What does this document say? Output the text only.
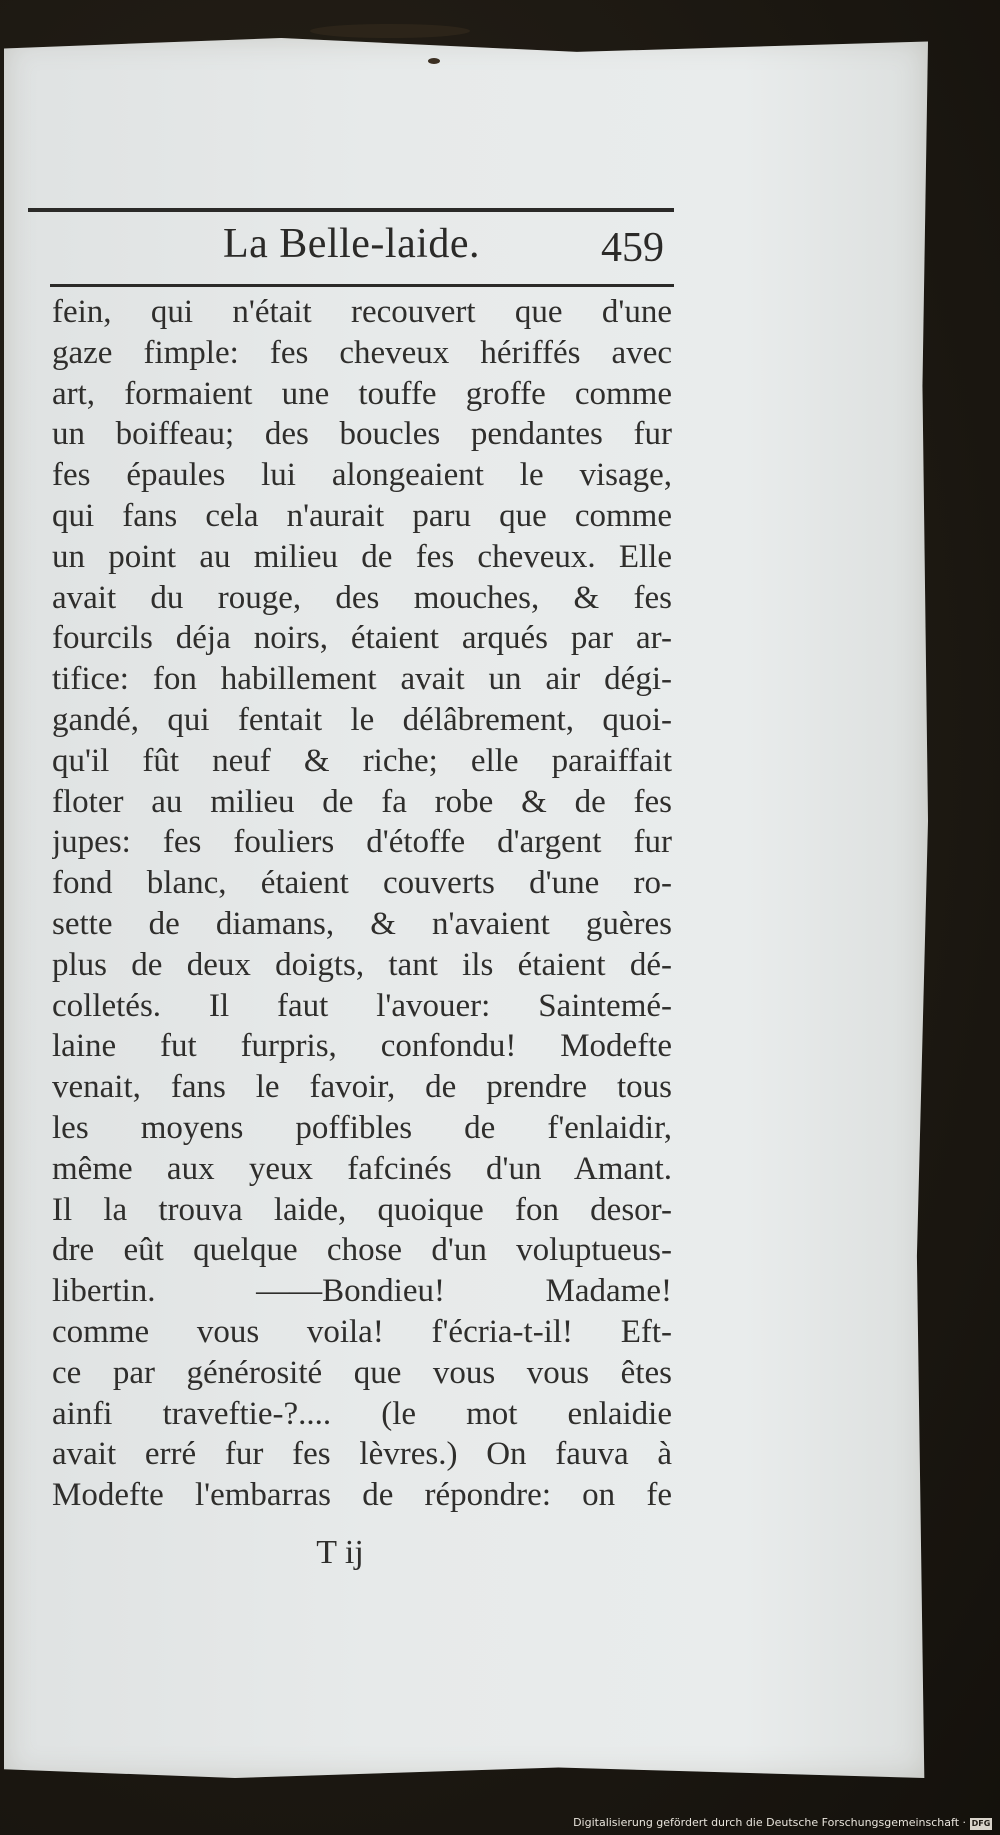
La Belle-laide.	459
fein, qui n'était recouvert que d'une
gaze fimple: fes cheveux hériffés avec
art, formaient une touffe groffe comme
un boiffeau; des boucles pendantes fur
fes épaules lui alongeaient le visage,
qui fans cela n'aurait paru que comme
un point au milieu de fes cheveux. Elle
avait du rouge, des mouches, & fes
fourcils déja noirs, étaient arqués par ar-
tifice: fon habillement avait un air dégi-
gandé, qui fentait le délâbrement, quoi-
qu'il fût neuf & riche; elle paraiffait
floter au milieu de fa robe & de fes
jupes: fes fouliers d'étoffe d'argent fur
fond blanc, étaient couverts d'une ro-
sette de diamans, & n'avaient guères
plus de deux doigts, tant ils étaient dé-
colletés. Il faut l'avouer: Saintemé-
laine fut furpris, confondu! Modefte
venait, fans le favoir, de prendre tous
les moyens poffibles de f'enlaidir,
même aux yeux fafcinés d'un Amant.
Il la trouva laide, quoique fon desor-
dre eût quelque chose d'un voluptueus-
libertin. ——Bondieu! Madame!
comme vous voila! f'écria-t-il! Eft-
ce par générosité que vous vous êtes
ainfi traveftie-?.... (le mot enlaidie
avait erré fur fes lèvres.) On fauva à
Modefte l'embarras de répondre: on fe
T ij
Digitalisierung gefördert durch die Deutsche Forschungsgemeinschaft · DFG
